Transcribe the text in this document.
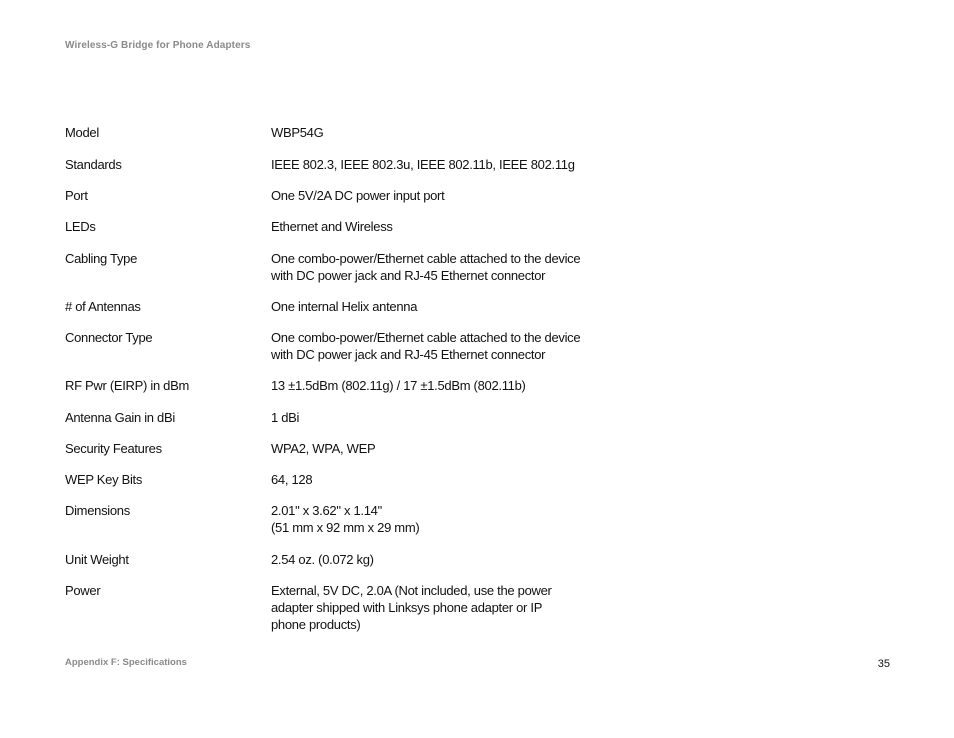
Wireless-G Bridge for Phone Adapters
Model	WBP54G
Standards	IEEE 802.3, IEEE 802.3u, IEEE 802.11b, IEEE 802.11g
Port	One 5V/2A DC power input port
LEDs	Ethernet and Wireless
Cabling Type	One combo-power/Ethernet cable attached to the device
with DC power jack and RJ-45 Ethernet connector
# of Antennas	One internal Helix antenna
Connector Type	One combo-power/Ethernet cable attached to the device
with DC power jack and RJ-45 Ethernet connector
RF Pwr (EIRP) in dBm	13 ±1.5dBm (802.11g) / 17 ±1.5dBm (802.11b)
Antenna Gain in dBi	1 dBi
Security Features	WPA2, WPA, WEP
WEP Key Bits	64, 128
Dimensions	2.01" x 3.62" x 1.14"
(51 mm x 92 mm x 29 mm)
Unit Weight	2.54 oz. (0.072 kg)
Power	External, 5V DC, 2.0A (Not included, use the power
adapter shipped with Linksys phone adapter or IP
phone products)
Appendix F: Specifications	35
